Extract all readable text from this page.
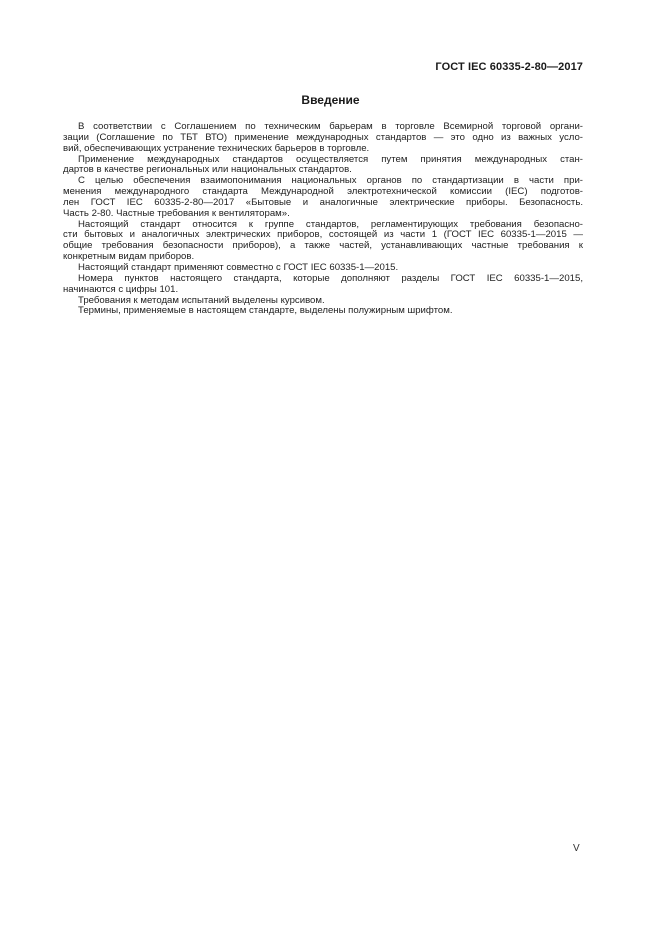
ГОСТ IEC 60335-2-80—2017
Введение

В соответствии с Соглашением по техническим барьерам в торговле Всемирной торговой органи-
зации (Соглашение по ТБТ ВТО) применение международных стандартов — это одно из важных усло-
вий, обеспечивающих устранение технических барьеров в торговле.

Применение международных стандартов осуществляется путем принятия международных стан-
дартов в качестве региональных или национальных стандартов.

С целью обеспечения взаимопонимания национальных органов по стандартизации в части при-
менения международного стандарта Международной электротехнической комиссии (IEC) подготов-
лен ГОСТ IEC 60335-2-80—2017 «Бытовые и аналогичные электрические приборы. Безопасность.
Часть 2-80. Частные требования к вентиляторам».

Настоящий стандарт относится к группе стандартов, регламентирующих требования безопасно-
сти бытовых и аналогичных электрических приборов, состоящей из части 1 (ГОСТ IEC 60335-1—2015 —
общие требования безопасности приборов), а также частей, устанавливающих частные требования к
конкретным видам приборов.

Настоящий стандарт применяют совместно с ГОСТ IEC 60335-1—2015.

Номера пунктов настоящего стандарта, которые дополняют разделы ГОСТ IEC 60335-1—2015,
начинаются с цифры 101.

Требования к методам испытаний выделены курсивом.

Термины, применяемые в настоящем стандарте, выделены полужирным шрифтом.

V
